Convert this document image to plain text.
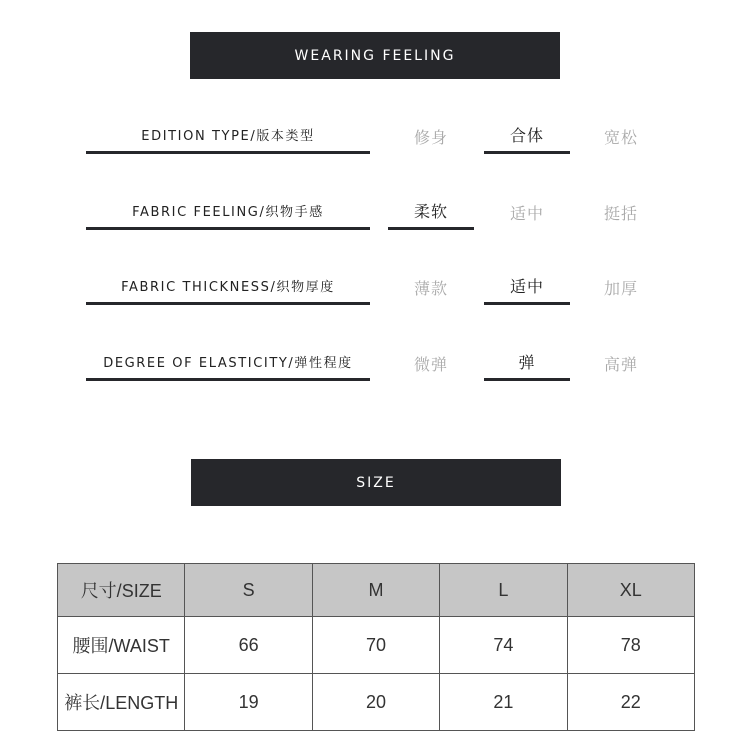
WEARING FEELING
EDITION TYPE/版本类型	修身	合体	宽松
FABRIC FEELING/织物手感	柔软	适中	挺括
FABRIC THICKNESS/织物厚度	薄款	适中	加厚
DEGREE OF ELASTICITY/弹性程度	微弹	弹	高弹
SIZE
尺寸/SIZE	S	M	L	XL
腰围/WAIST	66	70	74	78
裤长/LENGTH	19	20	21	22
